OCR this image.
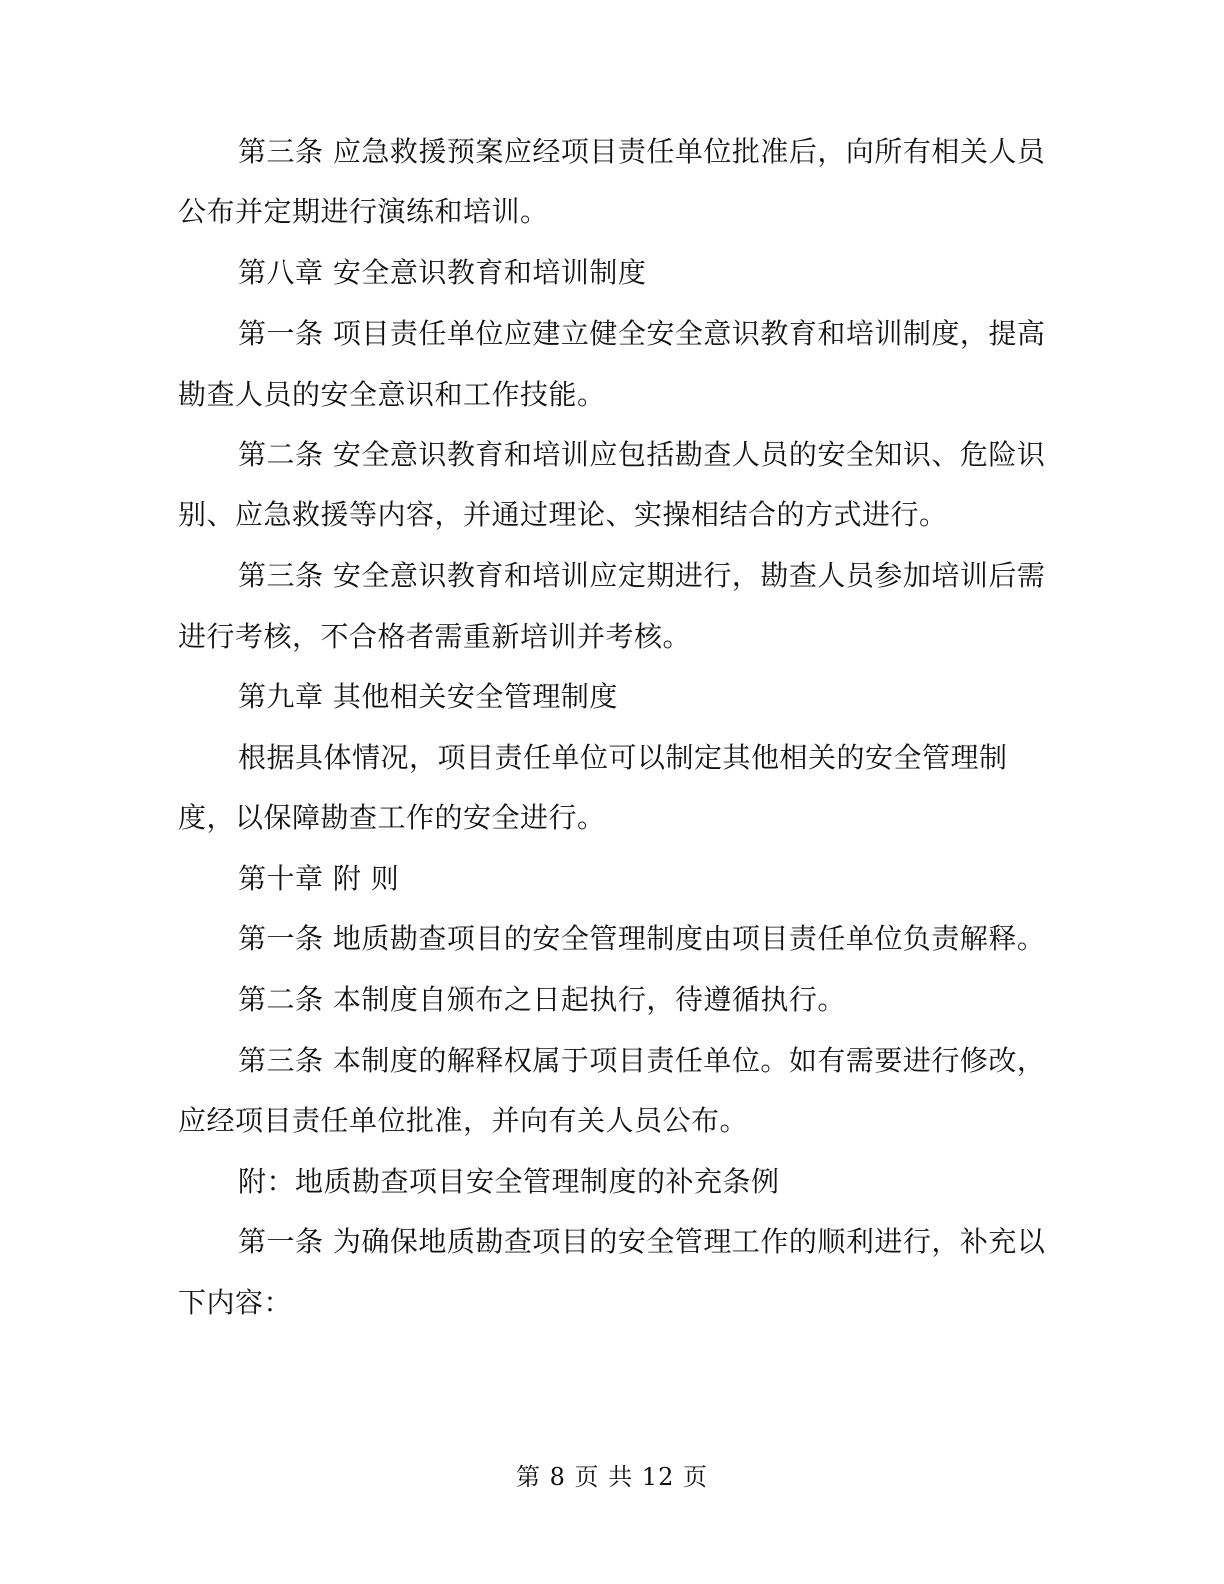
第三条 应急救援预案应经项目责任单位批准后，向所有相关人员
公布并定期进行演练和培训。
第八章 安全意识教育和培训制度
第一条 项目责任单位应建立健全安全意识教育和培训制度，提高
勘查人员的安全意识和工作技能。
第二条 安全意识教育和培训应包括勘查人员的安全知识、危险识
别、应急救援等内容，并通过理论、实操相结合的方式进行。
第三条 安全意识教育和培训应定期进行，勘查人员参加培训后需
进行考核，不合格者需重新培训并考核。
第九章 其他相关安全管理制度
根据具体情况，项目责任单位可以制定其他相关的安全管理制
度，以保障勘查工作的安全进行。
第十章 附 则
第一条 地质勘查项目的安全管理制度由项目责任单位负责解释。
第二条 本制度自颁布之日起执行，待遵循执行。
第三条 本制度的解释权属于项目责任单位。如有需要进行修改，
应经项目责任单位批准，并向有关人员公布。
附：地质勘查项目安全管理制度的补充条例
第一条 为确保地质勘查项目的安全管理工作的顺利进行，补充以
下内容：
第 8 页 共 12 页
